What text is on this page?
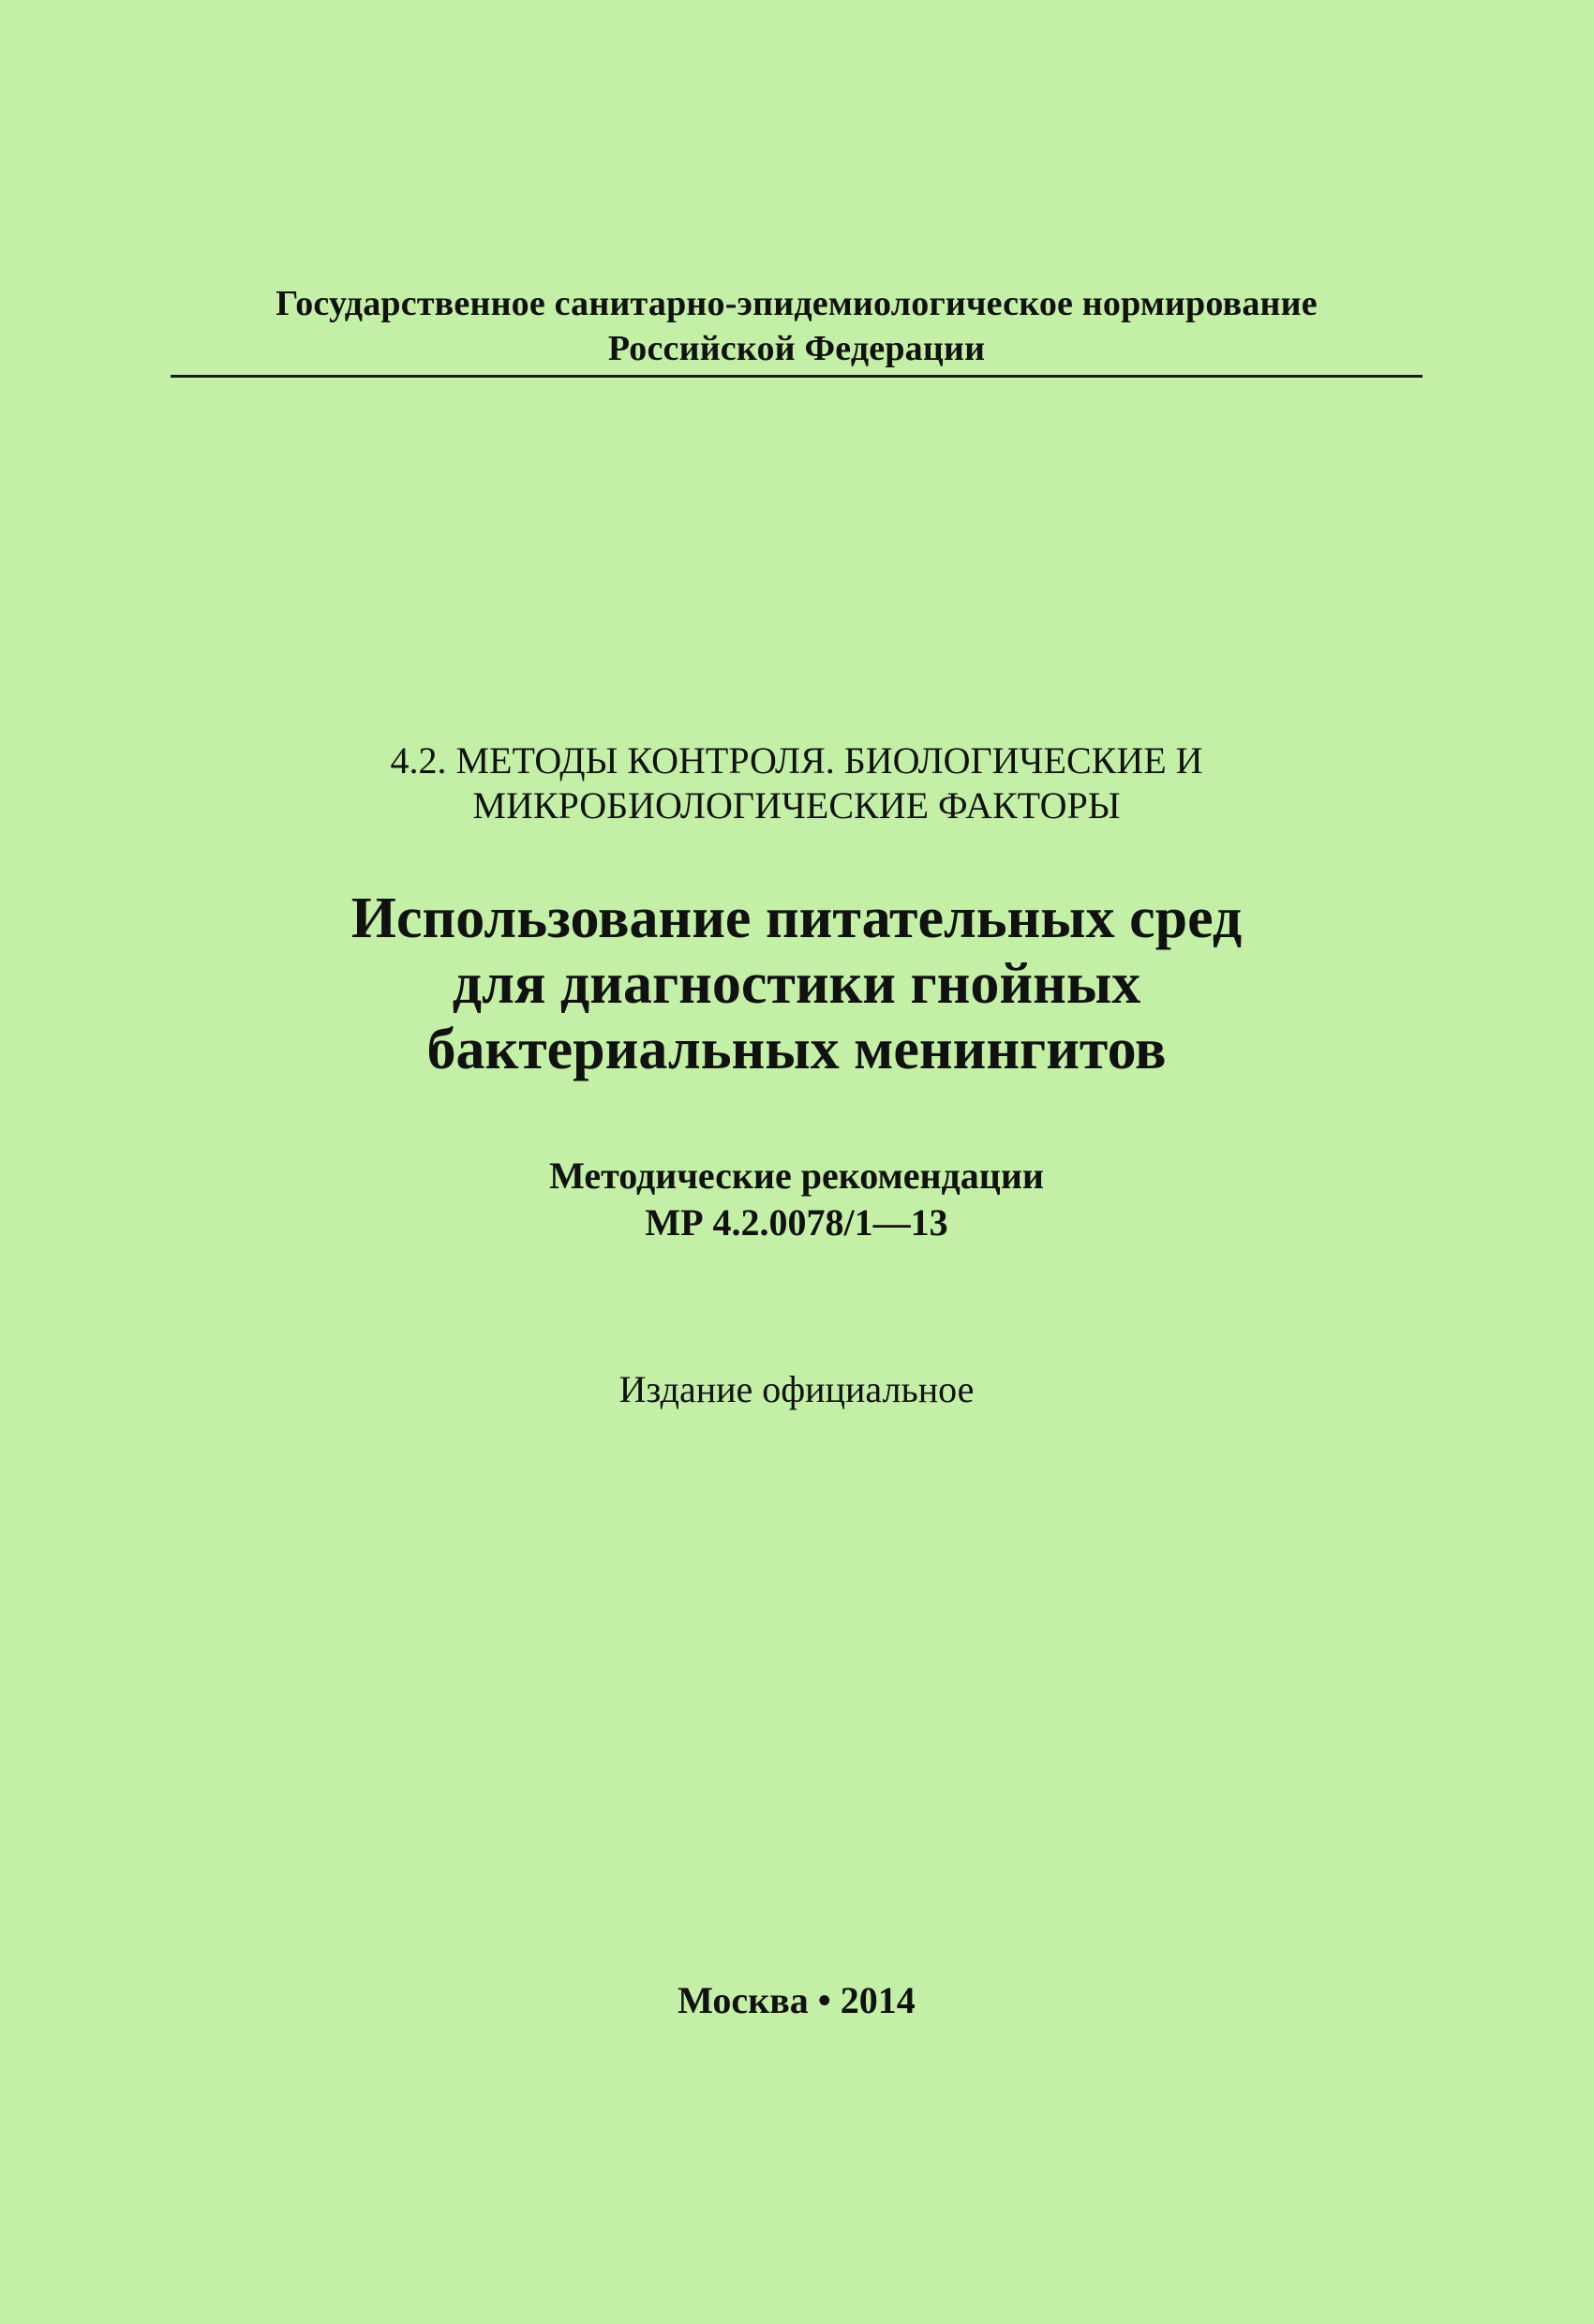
Государственное санитарно-эпидемиологическое нормирование
Российской Федерации
4.2. МЕТОДЫ КОНТРОЛЯ. БИОЛОГИЧЕСКИЕ И
МИКРОБИОЛОГИЧЕСКИЕ ФАКТОРЫ
Использование питательных сред
для диагностики гнойных
бактериальных менингитов
Методические рекомендации
МР 4.2.0078/1—13
Издание официальное
Москва • 2014
